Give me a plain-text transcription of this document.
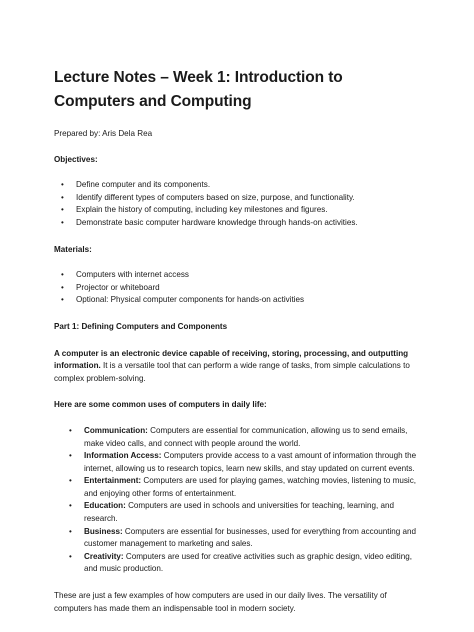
Lecture Notes – Week 1: Introduction to Computers and Computing

Prepared by: Aris Dela Rea

Objectives:

• Define computer and its components.
• Identify different types of computers based on size, purpose, and functionality.
• Explain the history of computing, including key milestones and figures.
• Demonstrate basic computer hardware knowledge through hands-on activities.

Materials:

• Computers with internet access
• Projector or whiteboard
• Optional: Physical computer components for hands-on activities

Part 1: Defining Computers and Components

A computer is an electronic device capable of receiving, storing, processing, and outputting information. It is a versatile tool that can perform a wide range of tasks, from simple calculations to complex problem-solving.

Here are some common uses of computers in daily life:

• Communication: Computers are essential for communication, allowing us to send emails, make video calls, and connect with people around the world.
• Information Access: Computers provide access to a vast amount of information through the internet, allowing us to research topics, learn new skills, and stay updated on current events.
• Entertainment: Computers are used for playing games, watching movies, listening to music, and enjoying other forms of entertainment.
• Education: Computers are used in schools and universities for teaching, learning, and research.
• Business: Computers are essential for businesses, used for everything from accounting and customer management to marketing and sales.
• Creativity: Computers are used for creative activities such as graphic design, video editing, and music production.

These are just a few examples of how computers are used in our daily lives. The versatility of computers has made them an indispensable tool in modern society.
